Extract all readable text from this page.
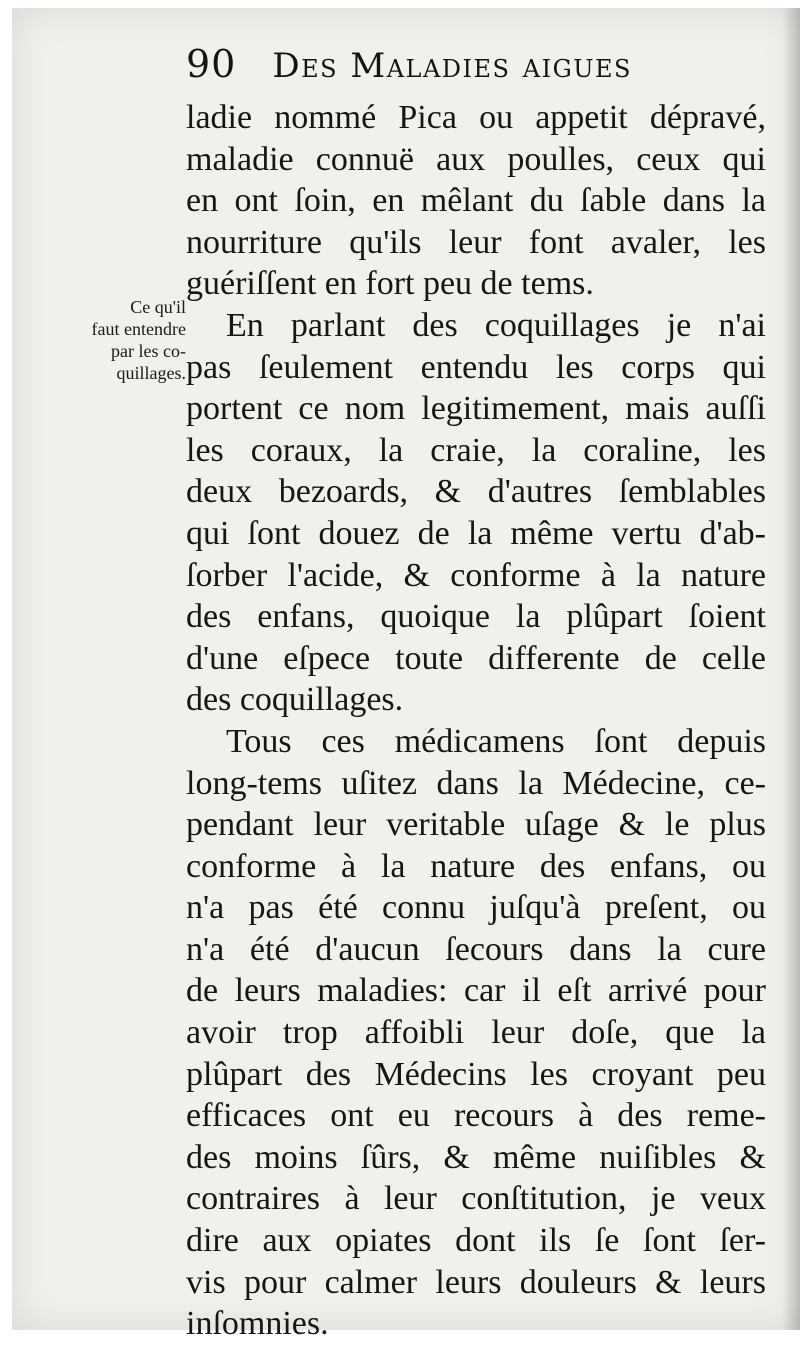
90 Des Maladies aigues
Ce qu'il
faut entendre
par les co-
quillages.
ladie nommé Pica ou appetit dépravé,
maladie connuë aux poulles, ceux qui
en ont ſoin, en mêlant du ſable dans la
nourriture qu'ils leur font avaler, les
guériſſent en fort peu de tems.
En parlant des coquillages je n'ai
pas ſeulement entendu les corps qui
portent ce nom legitimement, mais auſſi
les coraux, la craie, la coraline, les
deux bezoards, & d'autres ſemblables
qui ſont douez de la même vertu d'ab-
ſorber l'acide, & conforme à la nature
des enfans, quoique la plûpart ſoient
d'une eſpece toute differente de celle
des coquillages.
Tous ces médicamens ſont depuis
long-tems uſitez dans la Médecine, ce-
pendant leur veritable uſage & le plus
conforme à la nature des enfans, ou
n'a pas été connu juſqu'à preſent, ou
n'a été d'aucun ſecours dans la cure
de leurs maladies: car il eſt arrivé pour
avoir trop affoibli leur doſe, que la
plûpart des Médecins les croyant peu
efficaces ont eu recours à des reme-
des moins ſûrs, & même nuiſibles &
contraires à leur conſtitution, je veux
dire aux opiates dont ils ſe ſont ſer-
vis pour calmer leurs douleurs & leurs
inſomnies.
